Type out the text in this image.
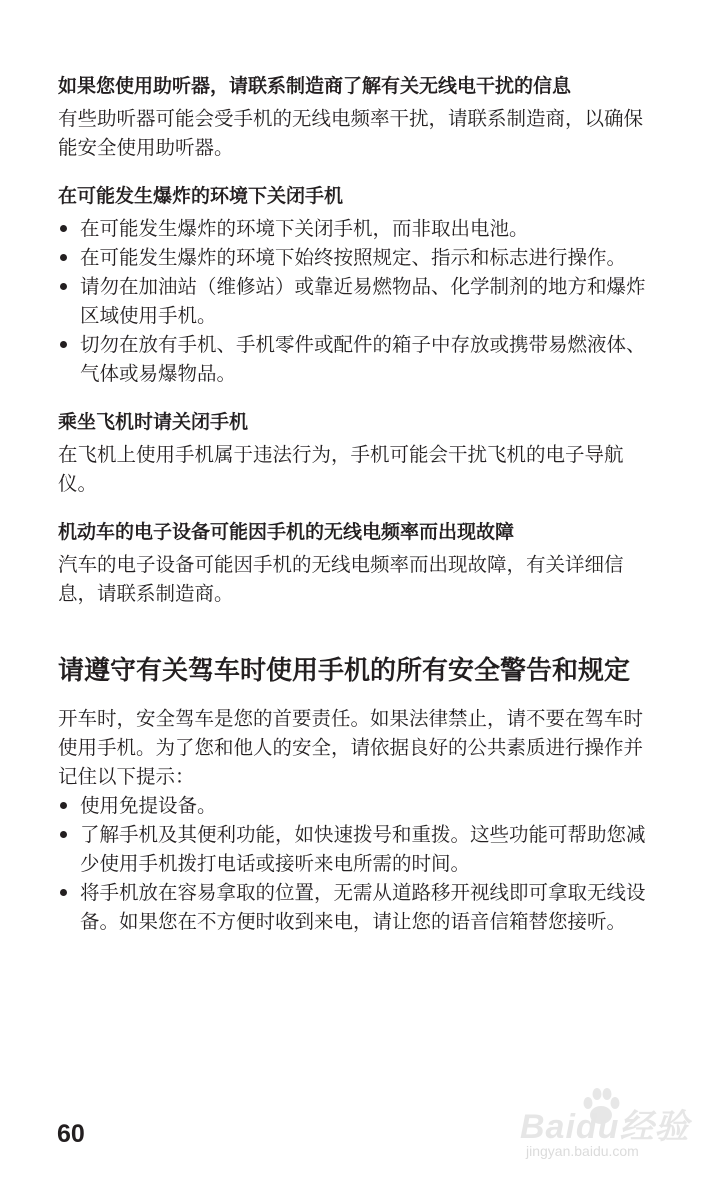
如果您使用助听器，请联系制造商了解有关无线电干扰的信息

有些助听器可能会受手机的无线电频率干扰，请联系制造商，以确保能安全使用助听器。

在可能发生爆炸的环境下关闭手机
在可能发生爆炸的环境下关闭手机，而非取出电池。
在可能发生爆炸的环境下始终按照规定、指示和标志进行操作。
请勿在加油站（维修站）或靠近易燃物品、化学制剂的地方和爆炸区域使用手机。
切勿在放有手机、手机零件或配件的箱子中存放或携带易燃液体、气体或易爆物品。
乘坐飞机时请关闭手机

在飞机上使用手机属于违法行为，手机可能会干扰飞机的电子导航仪。

机动车的电子设备可能因手机的无线电频率而出现故障

汽车的电子设备可能因手机的无线电频率而出现故障，有关详细信息，请联系制造商。

请遵守有关驾车时使用手机的所有安全警告和规定

开车时，安全驾车是您的首要责任。如果法律禁止，请不要在驾车时使用手机。为了您和他人的安全，请依据良好的公共素质进行操作并记住以下提示：

使用免提设备。
了解手机及其便利功能，如快速拨号和重拨。这些功能可帮助您减少使用手机拨打电话或接听来电所需的时间。
将手机放在容易拿取的位置，无需从道路移开视线即可拿取无线设备。如果您在不方便时收到来电，请让您的语音信箱替您接听。
60	Baidu经验
jingyan.baidu.com
